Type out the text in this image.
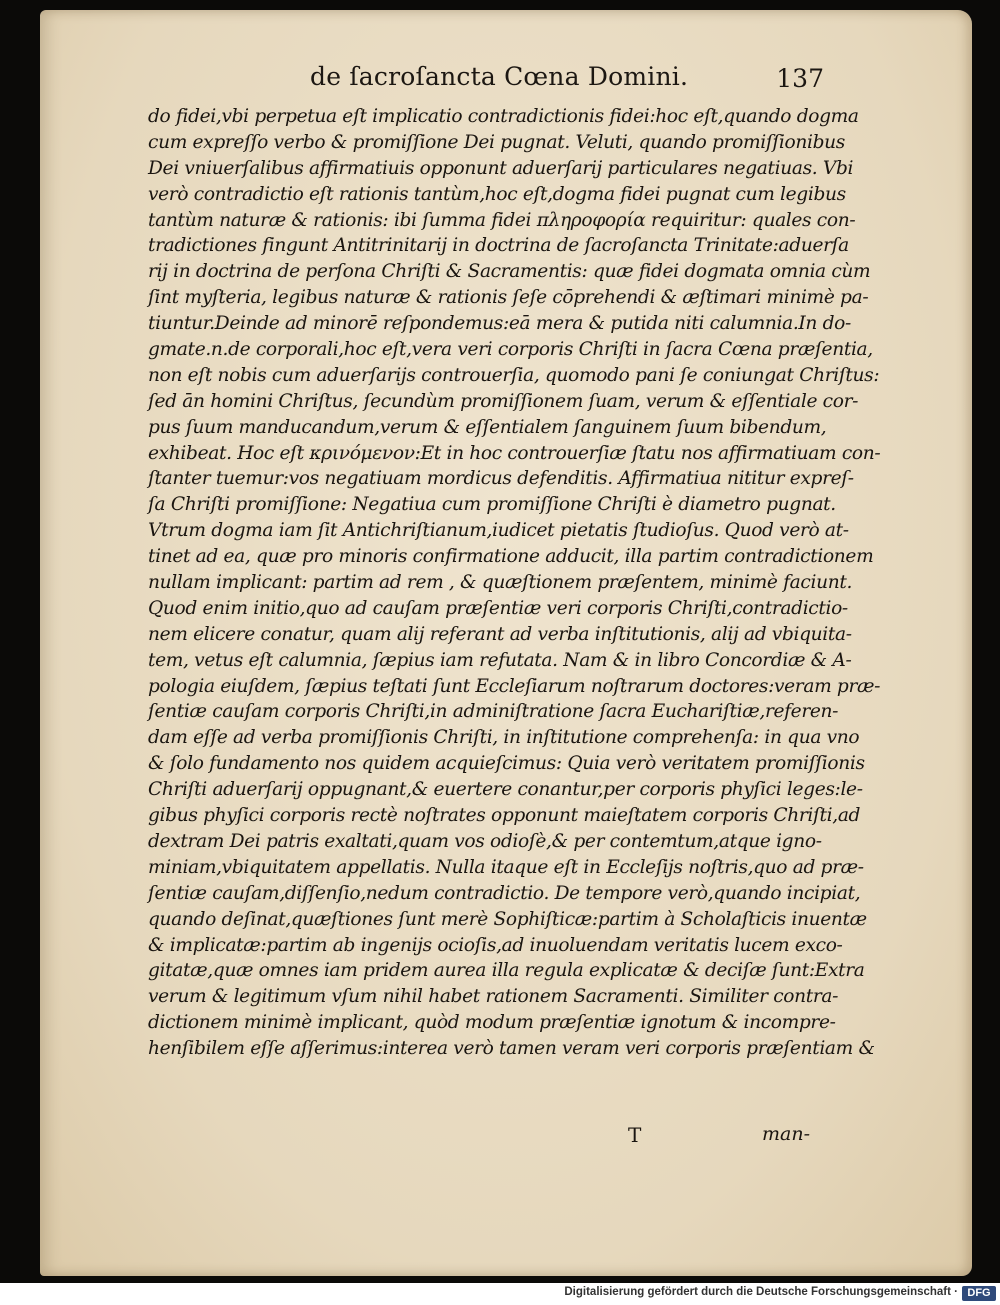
de ſacroſancta Cœna Domini.	137
do fidei,vbi perpetua eſt implicatio contradictionis fidei:hoc eſt,quando dogma
cum expreſſo verbo & promiſſione Dei pugnat. Veluti, quando promiſſionibus
Dei vniuerſalibus affirmatiuis opponunt aduerſarij particulares negatiuas. Vbi
verò contradictio eſt rationis tantùm,hoc eſt,dogma fidei pugnat cum legibus
tantùm naturæ & rationis: ibi ſumma fidei πληροφορία requiritur: quales con-
tradictiones fingunt Antitrinitarij in doctrina de ſacroſancta Trinitate:aduerſa
rij in doctrina de perſona Chriſti & Sacramentis: quæ fidei dogmata omnia cùm
ſint myſteria, legibus naturæ & rationis ſeſe cōprehendi & æſtimari minimè pa-
tiuntur.Deinde ad minorē reſpondemus:eā mera & putida niti calumnia.In do-
gmate.n.de corporali,hoc eſt,vera veri corporis Chriſti in ſacra Cœna præſentia,
non eſt nobis cum aduerſarijs controuerſia, quomodo pani ſe coniungat Chriſtus:
ſed ān homini Chriſtus, ſecundùm promiſſionem ſuam, verum & eſſentiale cor-
pus ſuum manducandum,verum & eſſentialem ſanguinem ſuum bibendum,
exhibeat. Hoc eſt κρινόμενον:Et in hoc controuerſiæ ſtatu nos affirmatiuam con-
ſtanter tuemur:vos negatiuam mordicus defenditis. Affirmatiua nititur expreſ-
ſa Chriſti promiſſione: Negatiua cum promiſſione Chriſti è diametro pugnat.
Vtrum dogma iam ſit Antichriſtianum,iudicet pietatis ſtudioſus. Quod verò at-
tinet ad ea, quæ pro minoris confirmatione adducit, illa partim contradictionem
nullam implicant: partim ad rem , & quæſtionem præſentem, minimè faciunt.
Quod enim initio,quo ad cauſam præſentiæ veri corporis Chriſti,contradictio-
nem elicere conatur, quam alij referant ad verba inſtitutionis, alij ad vbiquita-
tem, vetus eſt calumnia, ſæpius iam refutata. Nam & in libro Concordiæ & A-
pologia eiuſdem, ſæpius teſtati ſunt Eccleſiarum noſtrarum doctores:veram præ-
ſentiæ cauſam corporis Chriſti,in adminiſtratione ſacra Euchariſtiæ,referen-
dam eſſe ad verba promiſſionis Chriſti, in inſtitutione comprehenſa: in qua vno
& ſolo fundamento nos quidem acquieſcimus: Quia verò veritatem promiſſionis
Chriſti aduerſarij oppugnant,& euertere conantur,per corporis phyſici leges:le-
gibus phyſici corporis rectè noſtrates opponunt maieſtatem corporis Chriſti,ad
dextram Dei patris exaltati,quam vos odioſè,& per contemtum,atque igno-
miniam,vbiquitatem appellatis. Nulla itaque eſt in Eccleſijs noſtris,quo ad præ-
ſentiæ cauſam,diſſenſio,nedum contradictio. De tempore verò,quando incipiat,
quando deſinat,quæſtiones ſunt merè Sophiſticæ:partim à Scholaſticis inuentæ
& implicatæ:partim ab ingenijs ocioſis,ad inuoluendam veritatis lucem exco-
gitatæ,quæ omnes iam pridem aurea illa regula explicatæ & deciſæ ſunt:Extra
verum & legitimum vſum nihil habet rationem Sacramenti. Similiter contra-
dictionem minimè implicant, quòd modum præſentiæ ignotum & incompre-
henſibilem eſſe aſſerimus:interea verò tamen veram veri corporis præſentiam &
T	man-
Digitalisierung gefördert durch die Deutsche Forschungsgemeinschaft · DFG
